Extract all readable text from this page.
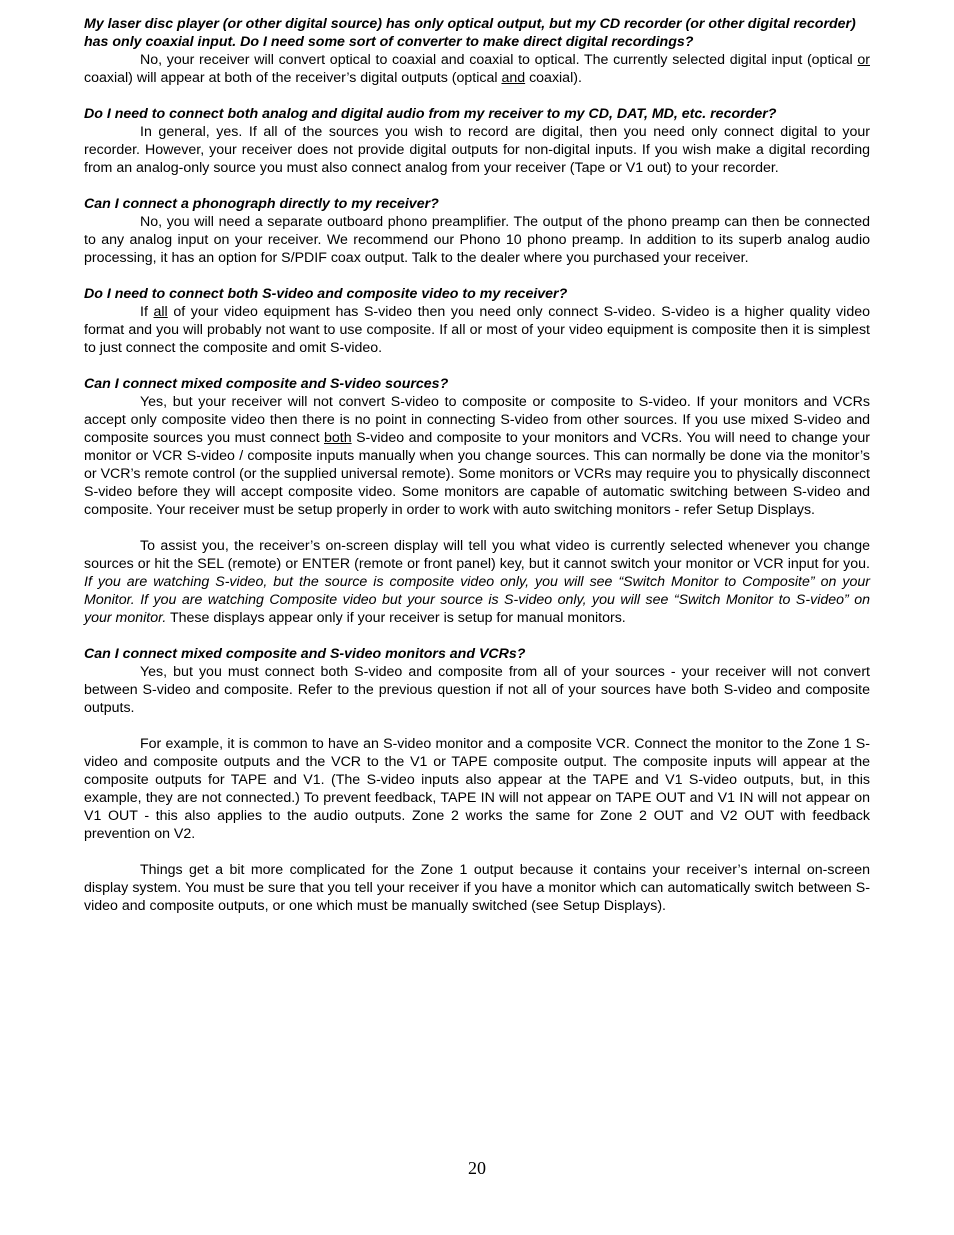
My laser disc player (or other digital source) has only optical output, but my CD recorder (or other digital recorder) has only coaxial input. Do I need some sort of converter to make direct digital recordings?

No, your receiver will convert optical to coaxial and coaxial to optical. The currently selected digital input (optical or coaxial) will appear at both of the receiver’s digital outputs (optical and coaxial).

Do I need to connect both analog and digital audio from my receiver to my CD, DAT, MD, etc. recorder?

In general, yes. If all of the sources you wish to record are digital, then you need only connect digital to your recorder. However, your receiver does not provide digital outputs for non-digital inputs. If you wish make a digital recording from an analog-only source you must also connect analog from your receiver (Tape or V1 out) to your recorder.

Can I connect a phonograph directly to my receiver?

No, you will need a separate outboard phono preamplifier. The output of the phono preamp can then be connected to any analog input on your receiver. We recommend our Phono 10 phono preamp. In addition to its superb analog audio processing, it has an option for S/PDIF coax output. Talk to the dealer where you purchased your receiver.

Do I need to connect both S-video and composite video to my receiver?

If all of your video equipment has S-video then you need only connect S-video. S-video is a higher quality video format and you will probably not want to use composite. If all or most of your video equipment is composite then it is simplest to just connect the composite and omit S-video.

Can I connect mixed composite and S-video sources?

Yes, but your receiver will not convert S-video to composite or composite to S-video. If your monitors and VCRs accept only composite video then there is no point in connecting S-video from other sources. If you use mixed S-video and composite sources you must connect both S-video and composite to your monitors and VCRs. You will need to change your monitor or VCR S-video / composite inputs manually when you change sources. This can normally be done via the monitor’s or VCR’s remote control (or the supplied universal remote). Some monitors or VCRs may require you to physically disconnect S-video before they will accept composite video. Some monitors are capable of automatic switching between S-video and composite. Your receiver must be setup properly in order to work with auto switching monitors - refer Setup Displays.

To assist you, the receiver’s on-screen display will tell you what video is currently selected whenever you change sources or hit the SEL (remote) or ENTER (remote or front panel) key, but it cannot switch your monitor or VCR input for you. If you are watching S-video, but the source is composite video only, you will see “Switch Monitor to Composite” on your Monitor. If you are watching Composite video but your source is S-video only, you will see “Switch Monitor to S-video” on your monitor. These displays appear only if your receiver is setup for manual monitors.

Can I connect mixed composite and S-video monitors and VCRs?

Yes, but you must connect both S-video and composite from all of your sources - your receiver will not convert between S-video and composite. Refer to the previous question if not all of your sources have both S-video and composite outputs.

For example, it is common to have an S-video monitor and a composite VCR. Connect the monitor to the Zone 1 S-video and composite outputs and the VCR to the V1 or TAPE composite output. The composite inputs will appear at the composite outputs for TAPE and V1. (The S-video inputs also appear at the TAPE and V1 S-video outputs, but, in this example, they are not connected.) To prevent feedback, TAPE IN will not appear on TAPE OUT and V1 IN will not appear on V1 OUT - this also applies to the audio outputs. Zone 2 works the same for Zone 2 OUT and V2 OUT with feedback prevention on V2.

Things get a bit more complicated for the Zone 1 output because it contains your receiver’s internal on-screen display system. You must be sure that you tell your receiver if you have a monitor which can automatically switch between S-video and composite outputs, or one which must be manually switched (see Setup Displays).

20
